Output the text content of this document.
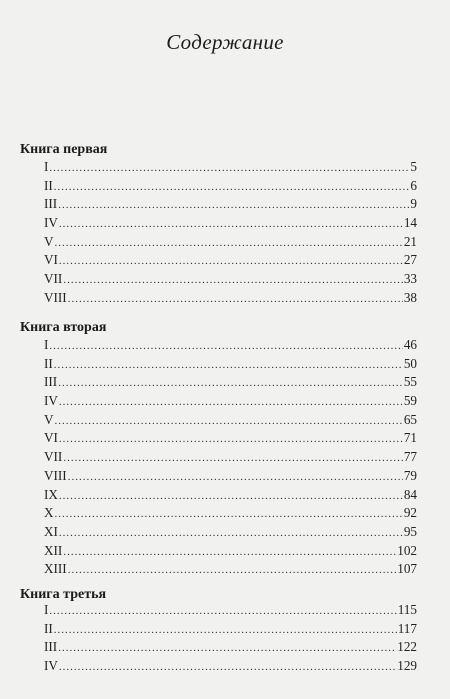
Содержание
Книга первая
I .....	5
II .....	6
III .....	9
IV .....	14
V .....	21
VI .....	27
VII .....	33
VIII .....	38
Книга вторая
I .....	46
II .....	50
III .....	55
IV .....	59
V .....	65
VI .....	71
VII .....	77
VIII .....	79
IX .....	84
X .....	92
XI .....	95
XII .....	102
XIII .....	107
Книга третья
I .....	115
II .....	117
III .....	122
IV .....	129
